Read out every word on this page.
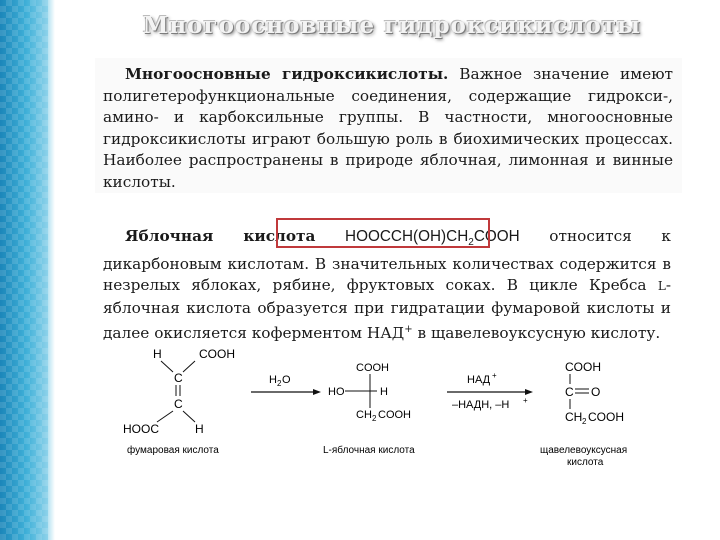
Многоосновные гидроксикислоты
Многоосновные гидроксикислоты. Важное значение имеют полигетерофункциональные соединения, содержащие гидрокси-, амино- и карбоксильные группы. В частности, многоосновные гидроксикислоты играют большую роль в биохимических процессах. Наиболее распространены в природе яблочная, лимонная и винные кислоты.
Яблочная кислота $HOOCCH(OH)CH_2COOH$ относится к дикарбоновым кислотам. В значительных количествах содержится в незрелых яблоках, рябине, фруктовых соках. В цикле Кребса L-яблочная кислота образуется при гидратации фумаровой кислоты и далее окисляется коферментом НАД+ в щавелевоуксусную кислоту.
H	COOH
C
C
HOOC	H
фумаровая кислота
H 2 O
COOH
HO	H
CH 2 COOH
L-яблочная кислота
НАД +
–НАДН, –Н +
COOH
C O
CH 2 COOH
щавелевоуксусная
кислота
